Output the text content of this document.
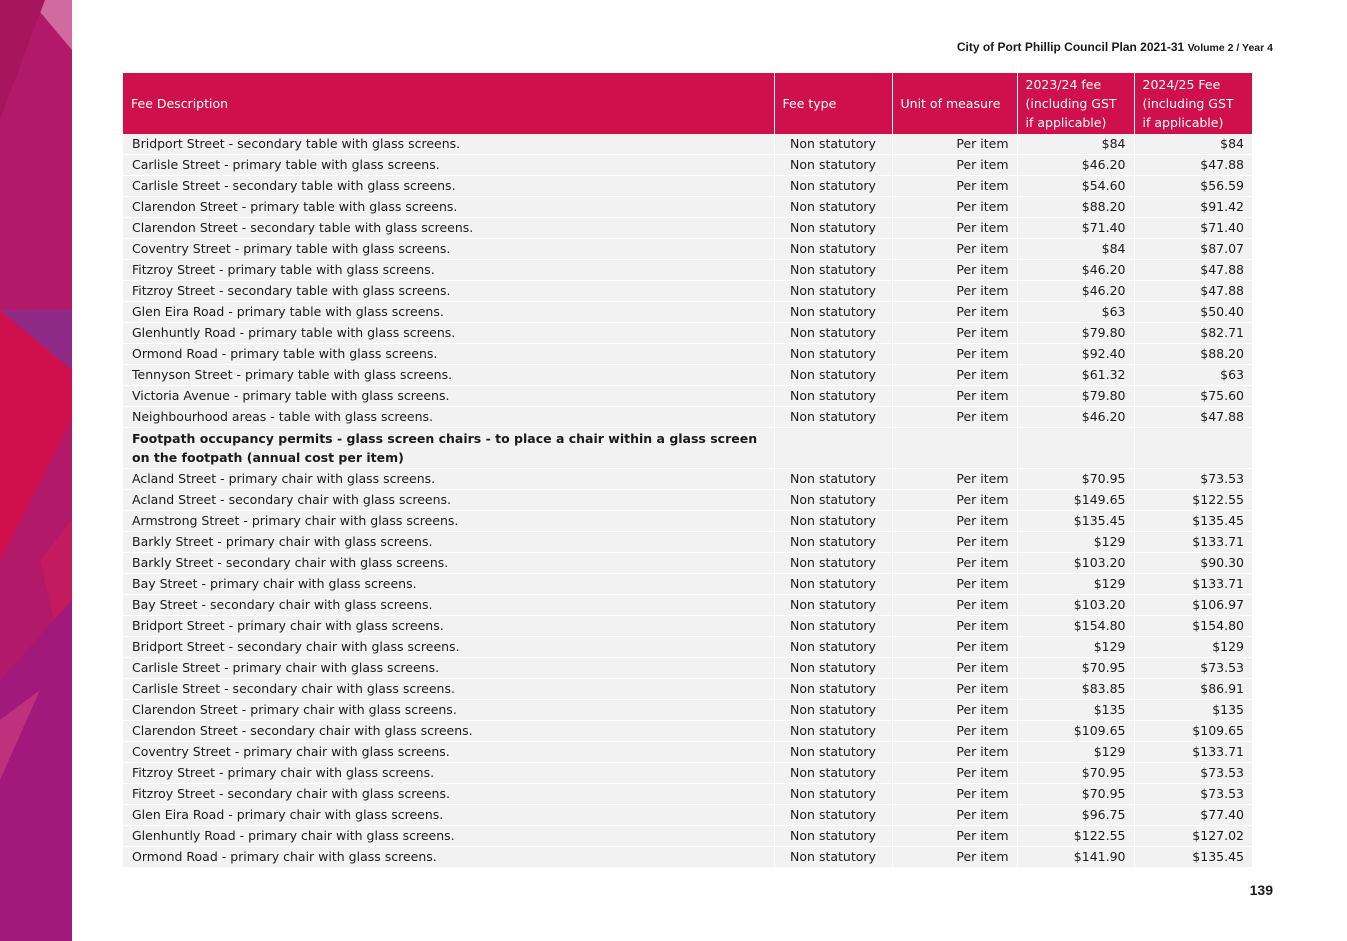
City of Port Phillip Council Plan 2021-31 Volume 2 / Year 4
Fee Description	Fee type	Unit of measure	2023/24 fee (including GST if applicable)	2024/25 Fee (including GST if applicable)
Bridport Street - secondary table with glass screens.	Non statutory	Per item	$84	$84
Carlisle Street - primary table with glass screens.	Non statutory	Per item	$46.20	$47.88
Carlisle Street - secondary table with glass screens.	Non statutory	Per item	$54.60	$56.59
Clarendon Street - primary table with glass screens.	Non statutory	Per item	$88.20	$91.42
Clarendon Street - secondary table with glass screens.	Non statutory	Per item	$71.40	$71.40
Coventry Street - primary table with glass screens.	Non statutory	Per item	$84	$87.07
Fitzroy Street - primary table with glass screens.	Non statutory	Per item	$46.20	$47.88
Fitzroy Street - secondary table with glass screens.	Non statutory	Per item	$46.20	$47.88
Glen Eira Road - primary table with glass screens.	Non statutory	Per item	$63	$50.40
Glenhuntly Road - primary table with glass screens.	Non statutory	Per item	$79.80	$82.71
Ormond Road - primary table with glass screens.	Non statutory	Per item	$92.40	$88.20
Tennyson Street - primary table with glass screens.	Non statutory	Per item	$61.32	$63
Victoria Avenue - primary table with glass screens.	Non statutory	Per item	$79.80	$75.60
Neighbourhood areas - table with glass screens.	Non statutory	Per item	$46.20	$47.88
Footpath occupancy permits - glass screen chairs - to place a chair within a glass screen on the footpath (annual cost per item)				
Acland Street - primary chair with glass screens.	Non statutory	Per item	$70.95	$73.53
Acland Street - secondary chair with glass screens.	Non statutory	Per item	$149.65	$122.55
Armstrong Street - primary chair with glass screens.	Non statutory	Per item	$135.45	$135.45
Barkly Street - primary chair with glass screens.	Non statutory	Per item	$129	$133.71
Barkly Street - secondary chair with glass screens.	Non statutory	Per item	$103.20	$90.30
Bay Street - primary chair with glass screens.	Non statutory	Per item	$129	$133.71
Bay Street - secondary chair with glass screens.	Non statutory	Per item	$103.20	$106.97
Bridport Street - primary chair with glass screens.	Non statutory	Per item	$154.80	$154.80
Bridport Street - secondary chair with glass screens.	Non statutory	Per item	$129	$129
Carlisle Street - primary chair with glass screens.	Non statutory	Per item	$70.95	$73.53
Carlisle Street - secondary chair with glass screens.	Non statutory	Per item	$83.85	$86.91
Clarendon Street - primary chair with glass screens.	Non statutory	Per item	$135	$135
Clarendon Street - secondary chair with glass screens.	Non statutory	Per item	$109.65	$109.65
Coventry Street - primary chair with glass screens.	Non statutory	Per item	$129	$133.71
Fitzroy Street - primary chair with glass screens.	Non statutory	Per item	$70.95	$73.53
Fitzroy Street - secondary chair with glass screens.	Non statutory	Per item	$70.95	$73.53
Glen Eira Road - primary chair with glass screens.	Non statutory	Per item	$96.75	$77.40
Glenhuntly Road - primary chair with glass screens.	Non statutory	Per item	$122.55	$127.02
Ormond Road - primary chair with glass screens.	Non statutory	Per item	$141.90	$135.45
139
